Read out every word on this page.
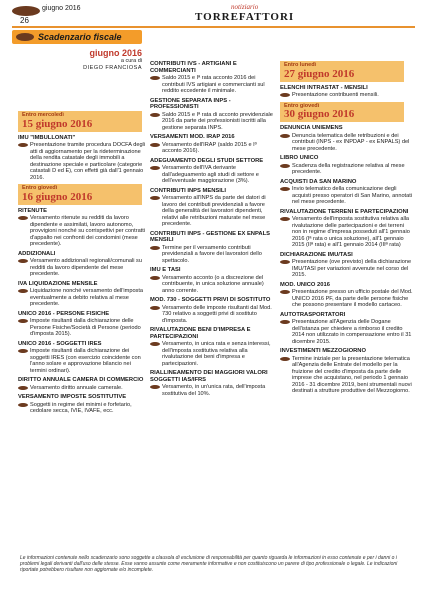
giugno 2016
26
notiziario
TORREFATTORI
Scadenzario fiscale
giugno 2016
a cura di
DIEGO FRANCIOSA
Entro mercoledì
15 giugno 2016
IMU "IMBULLONATI"
Presentazione tramite procedura DOCFA degli atti di aggiornamento per la rideterminazione della rendita catastale degli immobili a destinazione speciale e particolare (categorie catastali D ed E), con effetti già dall'1 gennaio 2016.
Entro giovedì
16 giugno 2016
RITENUTE
Versamento ritenute su redditi da lavoro dipendente e assimilati, lavoro autonomo, provvigioni nonché su corrispettivi per contratti d'appalto nei confronti dei condomini (mese precedente).
ADDIZIONALI
Versamento addizionali regionali/comunali su redditi da lavoro dipendente del mese precedente.
IVA LIQUIDAZIONE MENSILE
Liquidazione nonché versamento dell'imposta eventualmente a debito relativa al mese precedente.
UNICO 2016 - PERSONE FISICHE
Imposte risultanti dalla dichiarazione delle Persone Fisiche/Società di Persone (periodo d'imposta 2015).
UNICO 2016 - SOGGETTI IRES
Imposte risultanti dalla dichiarazione dei soggetti IRES (con esercizio coincidente con l'anno solare e approvazione bilancio nei termini ordinari).
DIRITTO ANNUALE CAMERA DI COMMERCIO
Versamento diritto annuale camerale.
VERSAMENTO IMPOSTE SOSTITUTIVE
Soggetti in regime dei minimi e forfetario, cedolare secca, IVIE, IVAFE, ecc.
CONTRIBUTI IVS - ARTIGIANI E COMMERCIANTI
Saldo 2015 e Iª rata acconto 2016 dei contributi IVS artigiani e commercianti sul reddito eccedente il minimale.
GESTIONE SEPARATA INPS - PROFESSIONISTI
Saldo 2015 e Iª rata di acconto previdenziale 2016 da parte dei professionisti iscritti alla gestione separata INPS.
VERSAMENTI MOD. IRAP 2016
Versamento dell'IRAP (saldo 2015 e Iº acconto 2016).
ADEGUAMENTO DEGLI STUDI SETTORE
Versamento dell'IVA derivante dall'adeguamento agli studi di settore e dell'eventuale maggiorazione (3%).
CONTRIBUTI INPS MENSILI
Versamento all'INPS da parte dei datori di lavoro dei contributi previdenziali a favore della generalità dei lavoratori dipendenti, relativi alle retribuzioni maturate nel mese precedente.
CONTRIBUTI INPS - GESTIONE EX ENPALS MENSILI
Termine per il versamento contributi previdenziali a favore dei lavoratori dello spettacolo.
IMU E TASI
Versamento acconto (o a discrezione del contribuente, in unica soluzione annuale) anno corrente.
MOD. 730 - SOGGETTI PRIVI DI SOSTITUTO
Versamento delle imposte risultanti dal Mod. 730 relativo a soggetti privi di sostituto d'imposta.
RIVALUTAZIONE BENI D'IMPRESA E PARTECIPAZIONI
Versamento, in unica rata e senza interessi, dell'imposta sostitutiva relativa alla rivalutazione dei beni d'impresa e partecipazioni.
RIALLINEAMENTO DEI MAGGIORI VALORI SOGGETTI IAS/IFRS
Versamento, in un'unica rata, dell'imposta sostitutiva del 10%.
Entro lunedì
27 giugno 2016
ELENCHI INTRASTAT - MENSILI
Presentazione contribuenti mensili.
Entro giovedì
30 giugno 2016
DENUNCIA UNIEMENS
Denuncia telematica delle retribuzioni e dei contributi (INPS - ex INPDAP - ex ENPALS) del mese precedente.
LIBRO UNICO
Scadenza della registrazione relativa al mese precedente.
ACQUISTI DA SAN MARINO
Invio telematico della comunicazione degli acquisti presso operatori di San Marino, annotati nel mese precedente.
RIVALUTAZIONE TERRENI E PARTECIPAZIONI
Versamento dell'imposta sostitutiva relativa alla rivalutazione delle partecipazioni e dei terreni non in regime d'impresa posseduti all'1 gennaio 2016 (Iª rata o unica soluzione), all'1 gennaio 2015 (IIª rata) e all'1 gennaio 2014 (IIIª rata)
DICHIARAZIONE IMU/TASI
Presentazione (ove previsto) della dichiarazione IMU/TASI per variazioni avvenute nel corso del 2015.
MOD. UNICO 2016
Presentazione presso un ufficio postale del Mod. UNICO 2016 PF, da parte delle persone fisiche che possono presentare il modello cartaceo.
AUTOTRASPORTATORI
Presentazione all'Agenzia delle Dogane dell'istanza per chiedere a rimborso il credito 2014 non utilizzato in compensazione entro il 31 dicembre 2015.
INVESTIMENTI MEZZOGIORNO
Termine iniziale per la presentazione telematica all'Agenzia delle Entrate del modello per la fruizione del credito d'imposta da parte delle imprese che acquistano, nel periodo 1 gennaio 2016 - 31 dicembre 2019, beni strumentali nuovi destinati a strutture produttive del Mezzogiorno.
Le informazioni contenute nello scadenzario sono soggette a clausola di esclusione di responsabilità per quanto riguarda le informazioni in esso contenute e per i danni o i problemi legali derivanti dall'uso delle stesse. Esse vanno assunte come meramente informative e non costituiscono un parere di tipo professionale o legale. Le indicazioni riportate potrebbero risultare non aggiornate e/o incomplete.
